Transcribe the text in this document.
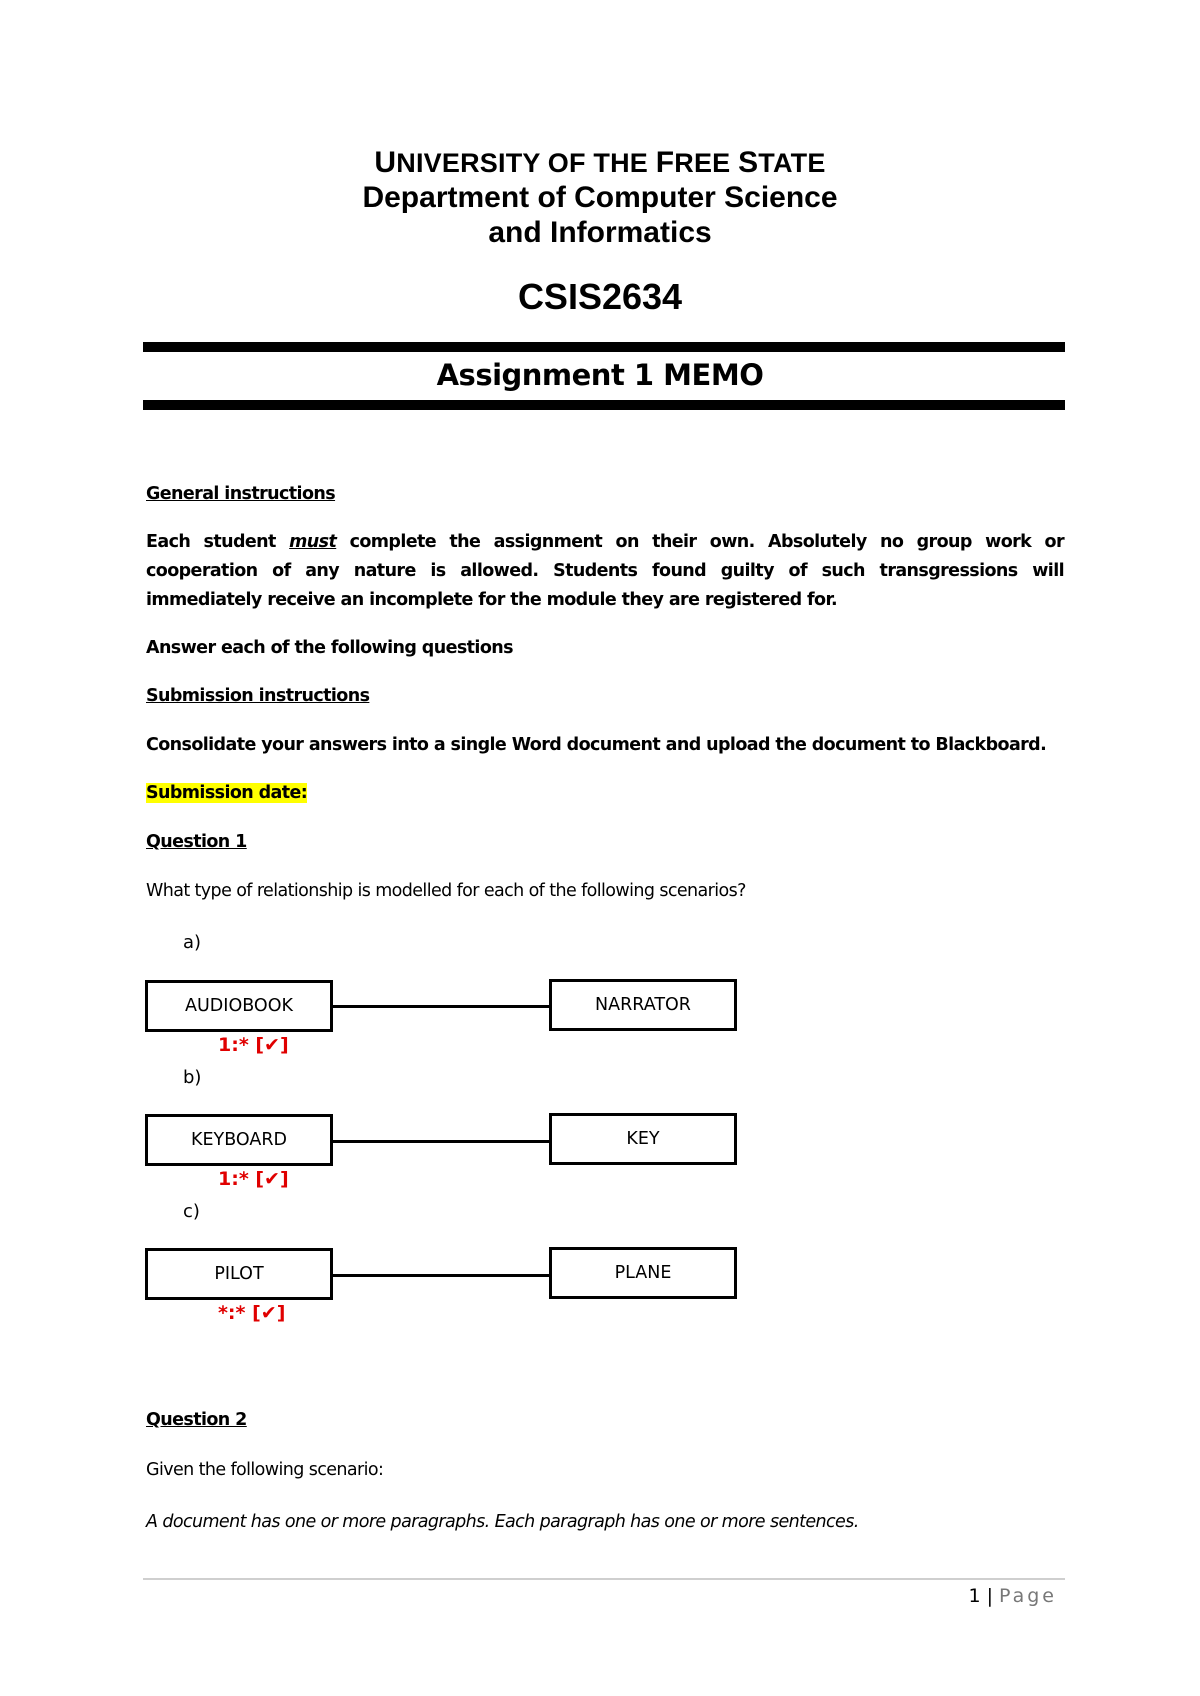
UNIVERSITY OF THE FREE STATE
Department of Computer Science
and Informatics
CSIS2634
Assignment 1 MEMO
General instructions
Each student must complete the assignment on their own. Absolutely no group work or cooperation of any nature is allowed. Students found guilty of such transgressions will immediately receive an incomplete for the module they are registered for.
Answer each of the following questions
Submission instructions
Consolidate your answers into a single Word document and upload the document to Blackboard.
Submission date:
Question 1
What type of relationship is modelled for each of the following scenarios?
a)
AUDIOBOOK	NARRATOR
1:* [✔]
b)
KEYBOARD	KEY
1:* [✔]
c)
PILOT	PLANE
*:* [✔]
Question 2
Given the following scenario:
A document has one or more paragraphs. Each paragraph has one or more sentences.
1 | Page
